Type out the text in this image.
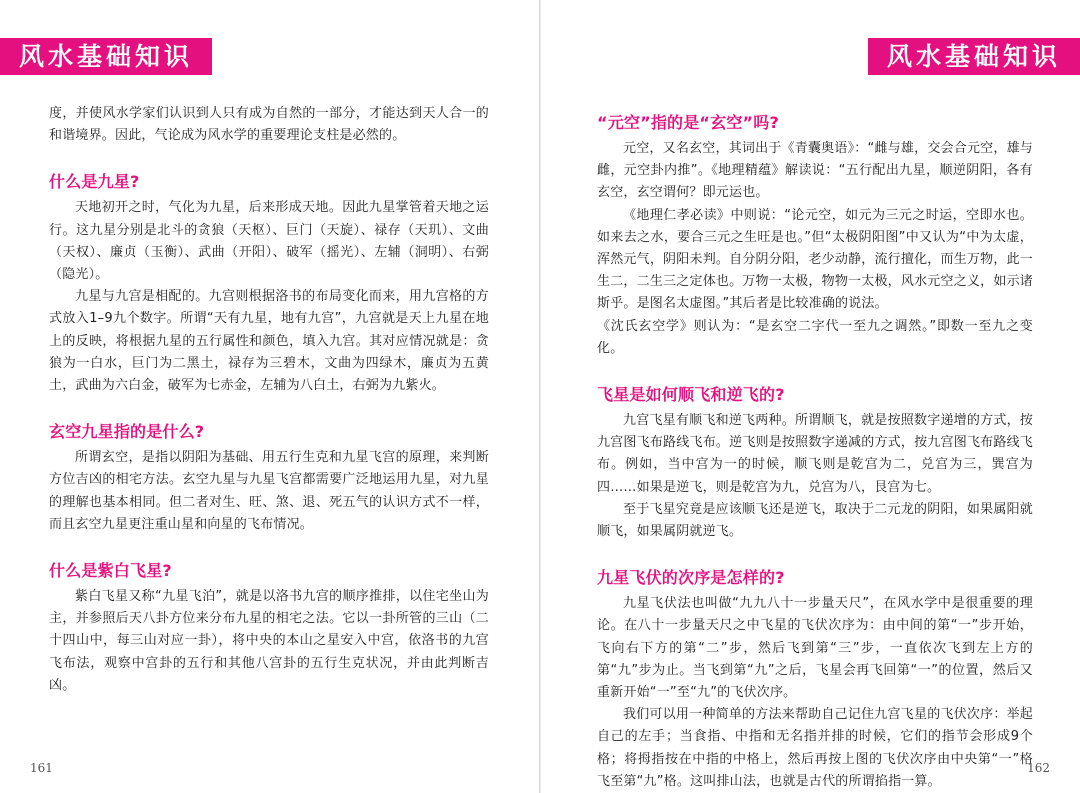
风水基础知识

度，并使风水学家们认识到人只有成为自然的一部分，才能达到天人合一的和谐境界。因此，气论成为风水学的重要理论支柱是必然的。

什么是九星?

天地初开之时，气化为九星，后来形成天地。因此九星掌管着天地之运行。这九星分别是北斗的贪狼（天枢）、巨门（天旋）、禄存（天玑）、文曲（天权）、廉贞（玉衡）、武曲（开阳）、破军（摇光）、左辅（洞明）、右弼（隐光）。

九星与九宫是相配的。九宫则根据洛书的布局变化而来，用九宫格的方式放入1–9九个数字。所谓“天有九星，地有九宫”，九宫就是天上九星在地上的反映，将根据九星的五行属性和颜色，填入九宫。其对应情况就是：贪狼为一白水，巨门为二黑土，禄存为三碧木，文曲为四绿木，廉贞为五黄土，武曲为六白金，破军为七赤金，左辅为八白土，右弼为九紫火。

玄空九星指的是什么?

所谓玄空，是指以阴阳为基础、用五行生克和九星飞宫的原理，来判断方位吉凶的相宅方法。玄空九星与九星飞宫都需要广泛地运用九星，对九星的理解也基本相同。但二者对生、旺、煞、退、死五气的认识方式不一样，而且玄空九星更注重山星和向星的飞布情况。

什么是紫白飞星?

紫白飞星又称“九星飞泊”，就是以洛书九宫的顺序推排，以住宅坐山为主，并参照后天八卦方位来分布九星的相宅之法。它以一卦所管的三山（二十四山中，每三山对应一卦），将中央的本山之星安入中宫，依洛书的九宫飞布法，观察中宫卦的五行和其他八宫卦的五行生克状况，并由此判断吉凶。

161
风水基础知识
“元空”指的是“玄空”吗?

元空，又名玄空，其词出于《青囊奥语》：“雌与雄，交会合元空，雄与雌，元空卦内推”。《地理精蕴》解读说：“五行配出九星，顺逆阴阳，各有玄空，玄空谓何？即元运也。

《地理仁孝必读》中则说：“论元空，如元为三元之时运，空即水也。如来去之水，要合三元之生旺是也。”但“太极阴阳图”中又认为“中为太虚，浑然元气，阴阳未判。自分阴分阳，老少动静，流行擅化，而生万物，此一生二，二生三之定体也。万物一太极，物物一太极，风水元空之义，如示诸斯乎。是图名太虚图。”其后者是比较准确的说法。

《沈氏玄空学》则认为：“是玄空二字代一至九之调然。”即数一至九之变化。

飞星是如何顺飞和逆飞的?

九宫飞星有顺飞和逆飞两种。所谓顺飞，就是按照数字递增的方式，按九宫图飞布路线飞布。逆飞则是按照数字递减的方式，按九宫图飞布路线飞布。例如，当中宫为一的时候，顺飞则是乾宫为二，兑宫为三，巽宫为四……如果是逆飞，则是乾宫为九，兑宫为八，艮宫为七。

至于飞星究竟是应该顺飞还是逆飞，取决于二元龙的阴阳，如果属阳就顺飞，如果属阴就逆飞。

九星飞伏的次序是怎样的?

九星飞伏法也叫做“九九八十一步量天尺”，在风水学中是很重要的理论。在八十一步量天尺之中飞星的飞伏次序为：由中间的第“一”步开始，飞向右下方的第“二”步，然后飞到第“三”步，一直依次飞到左上方的第“九”步为止。当飞到第“九”之后，飞星会再飞回第“一”的位置，然后又重新开始“一”至“九”的飞伏次序。

我们可以用一种简单的方法来帮助自己记住九宫飞星的飞伏次序：举起自己的左手；当食指、中指和无名指并排的时候，它们的指节会形成9个格；将拇指按在中指的中格上，然后再按上图的飞伏次序由中央第“一”格飞至第“九”格。这叫排山法，也就是古代的所谓掐指一算。

162
